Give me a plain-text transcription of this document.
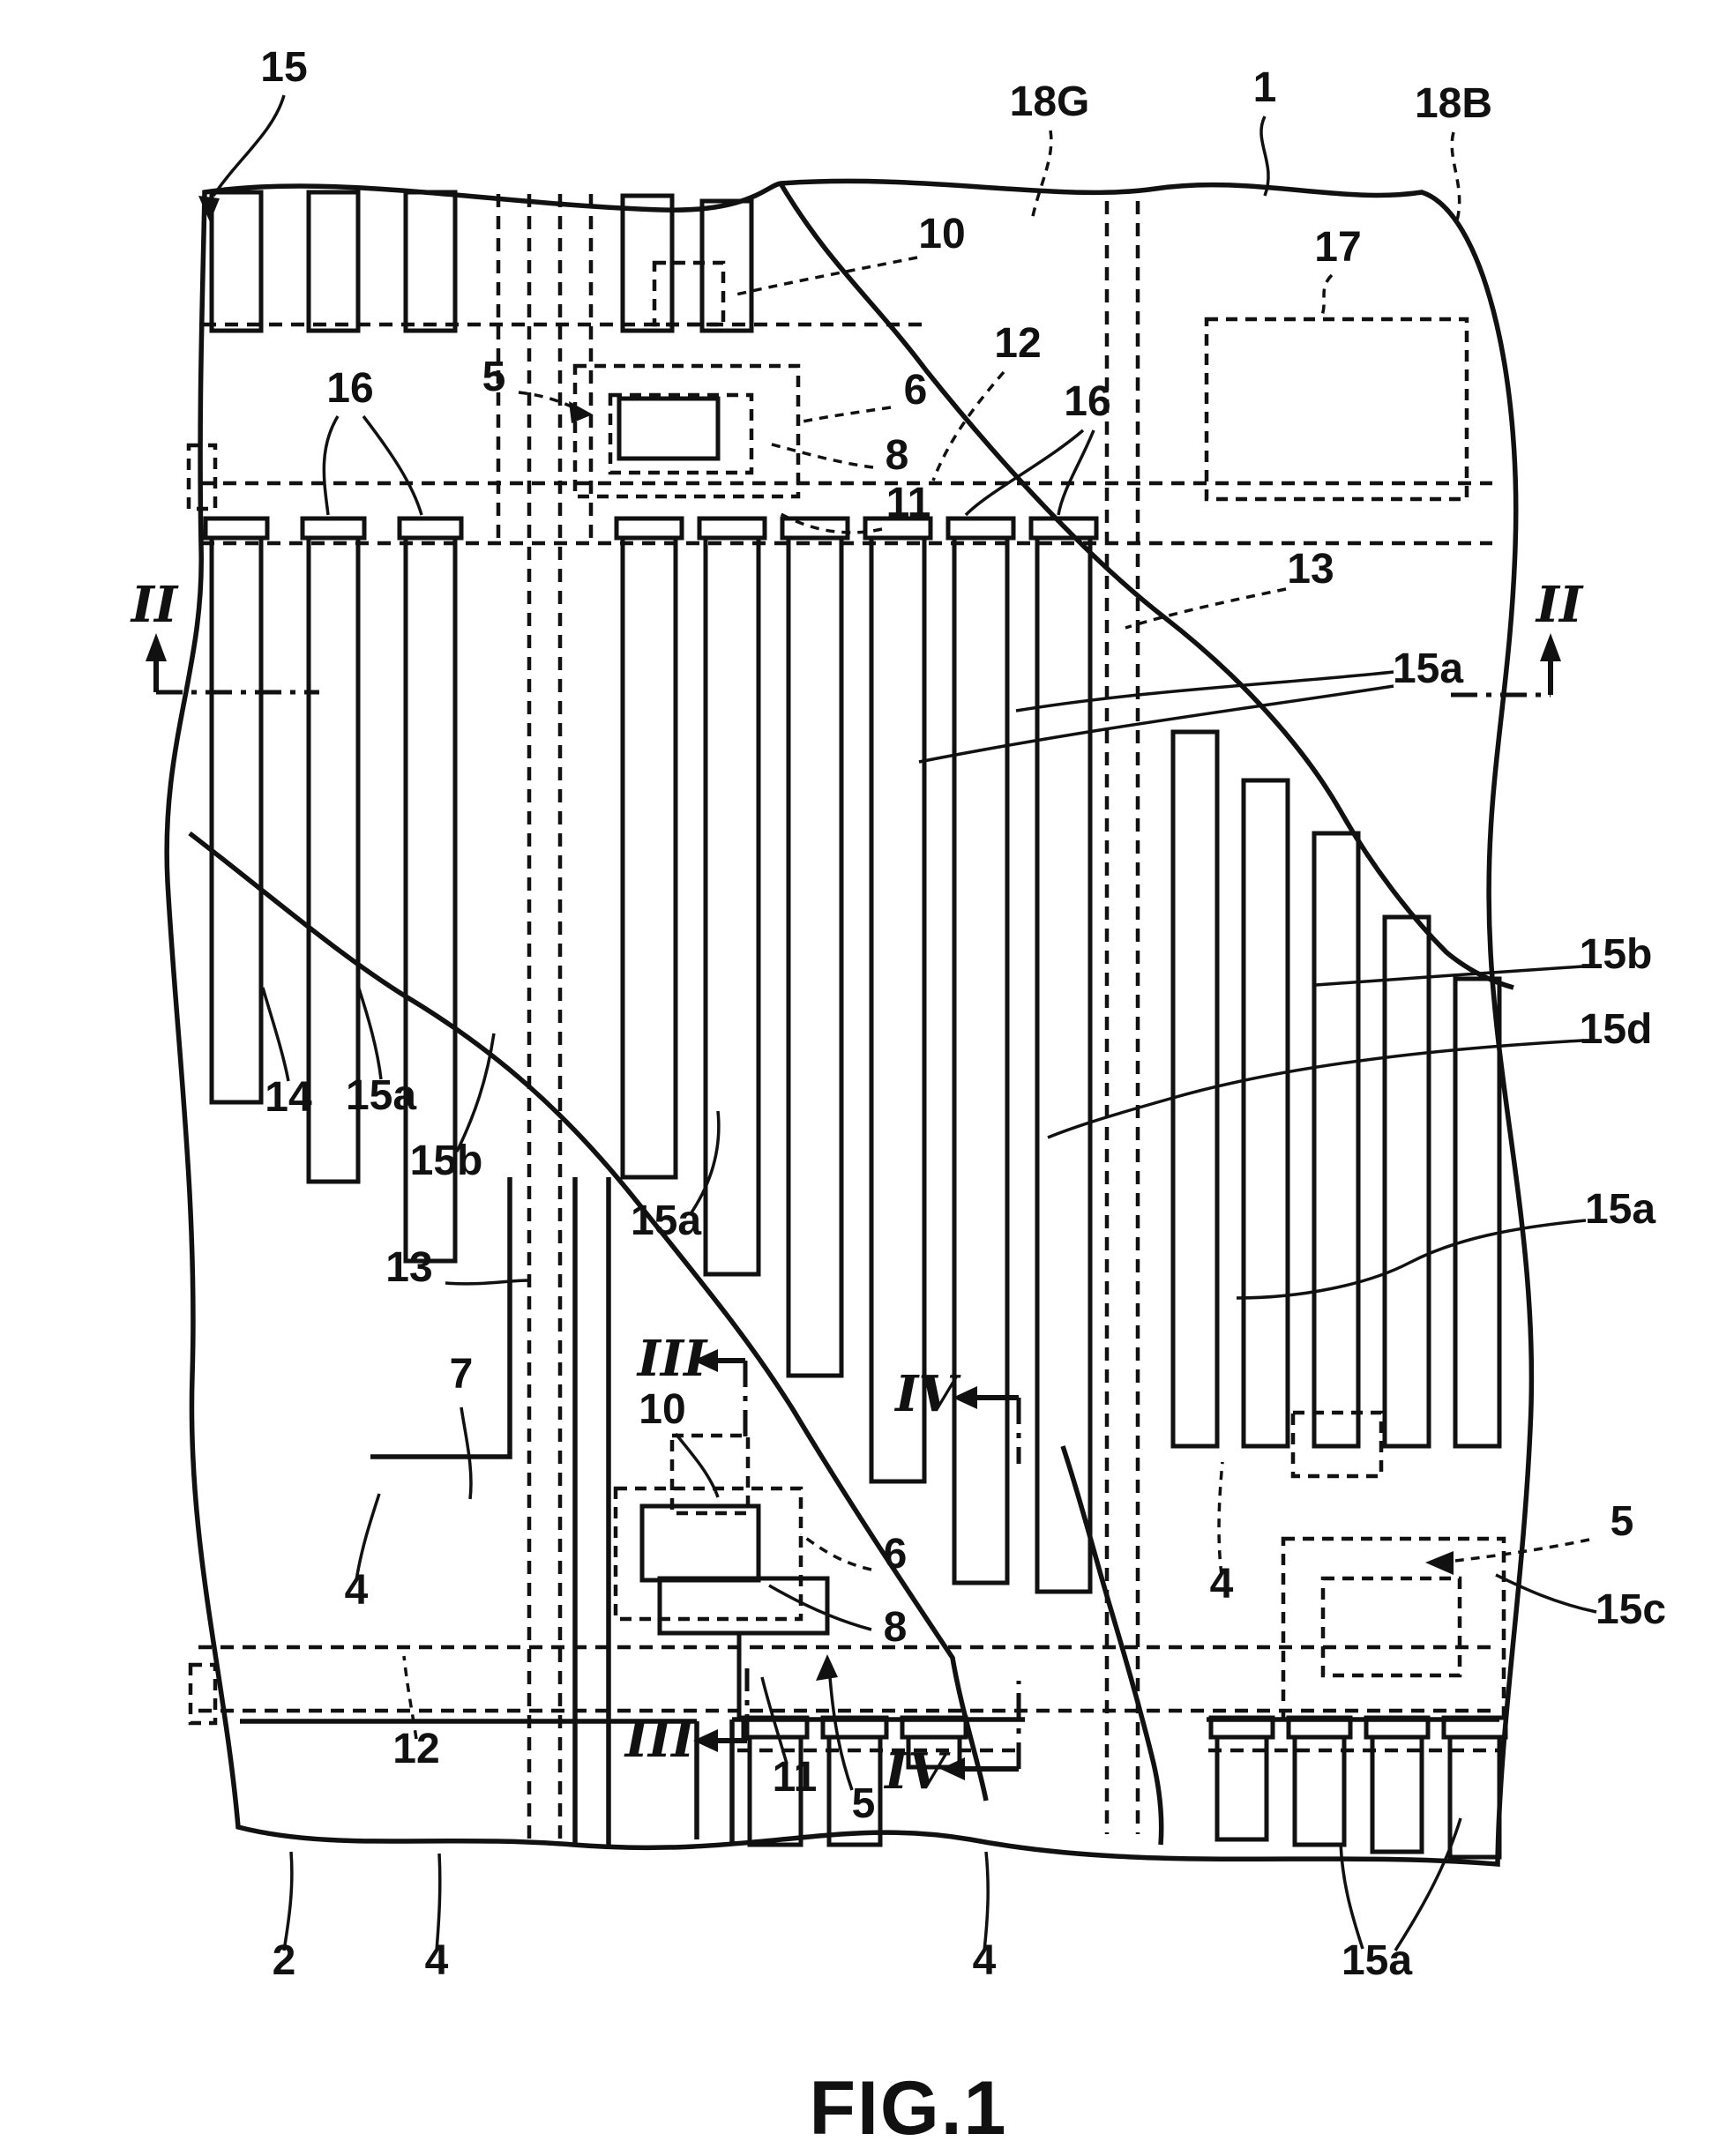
15
18G	1	18B
17
10
12
16	5	6
8
11
16
13
15a
II	II
15b
15d
14 15a
15b
15a	15a
13
7	III
10	IV
6
8
4
5
15c
4
12	III
11
5
IV
2	4	4	15a
FIG.1
